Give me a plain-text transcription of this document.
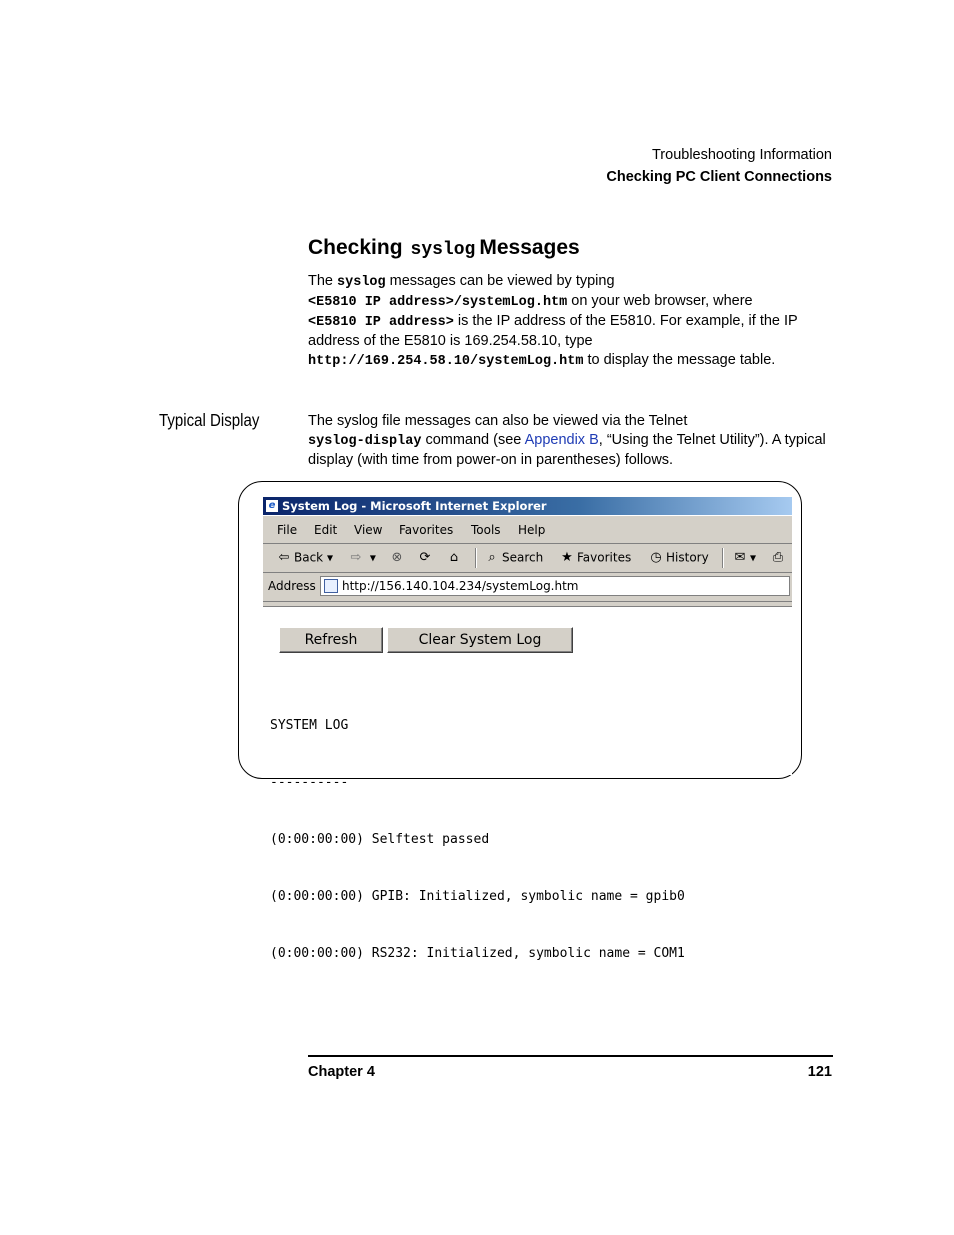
Troubleshooting Information
Checking PC Client Connections
Checking syslog Messages
The syslog messages can be viewed by typing
<E5810 IP address>/systemLog.htm on your web browser, where
<E5810 IP address> is the IP address of the E5810. For example, if the IP address of the E5810 is 169.254.58.10, type
http://169.254.58.10/systemLog.htm to display the message table.
Typical Display	The syslog file messages can also be viewed via the Telnet
syslog-display command (see Appendix B, “Using the Telnet Utility”). A typical display (with time from power-on in parentheses) follows.
e System Log - Microsoft Internet Explorer
File Edit View Favorites Tools Help
⇦ Back ▾ ⇨ ▾ ⊗	⟳	⌂	⌕ Search ★ Favorites ◷ History ✉ ▾ ⎙
Address	http://156.140.104.234/systemLog.htm
Refresh	Clear System Log

SYSTEM LOG

----------

(0:00:00:00) Selftest passed

(0:00:00:00) GPIB: Initialized, symbolic name = gpib0

(0:00:00:00) RS232: Initialized, symbolic name = COM1

Chapter 4	121
